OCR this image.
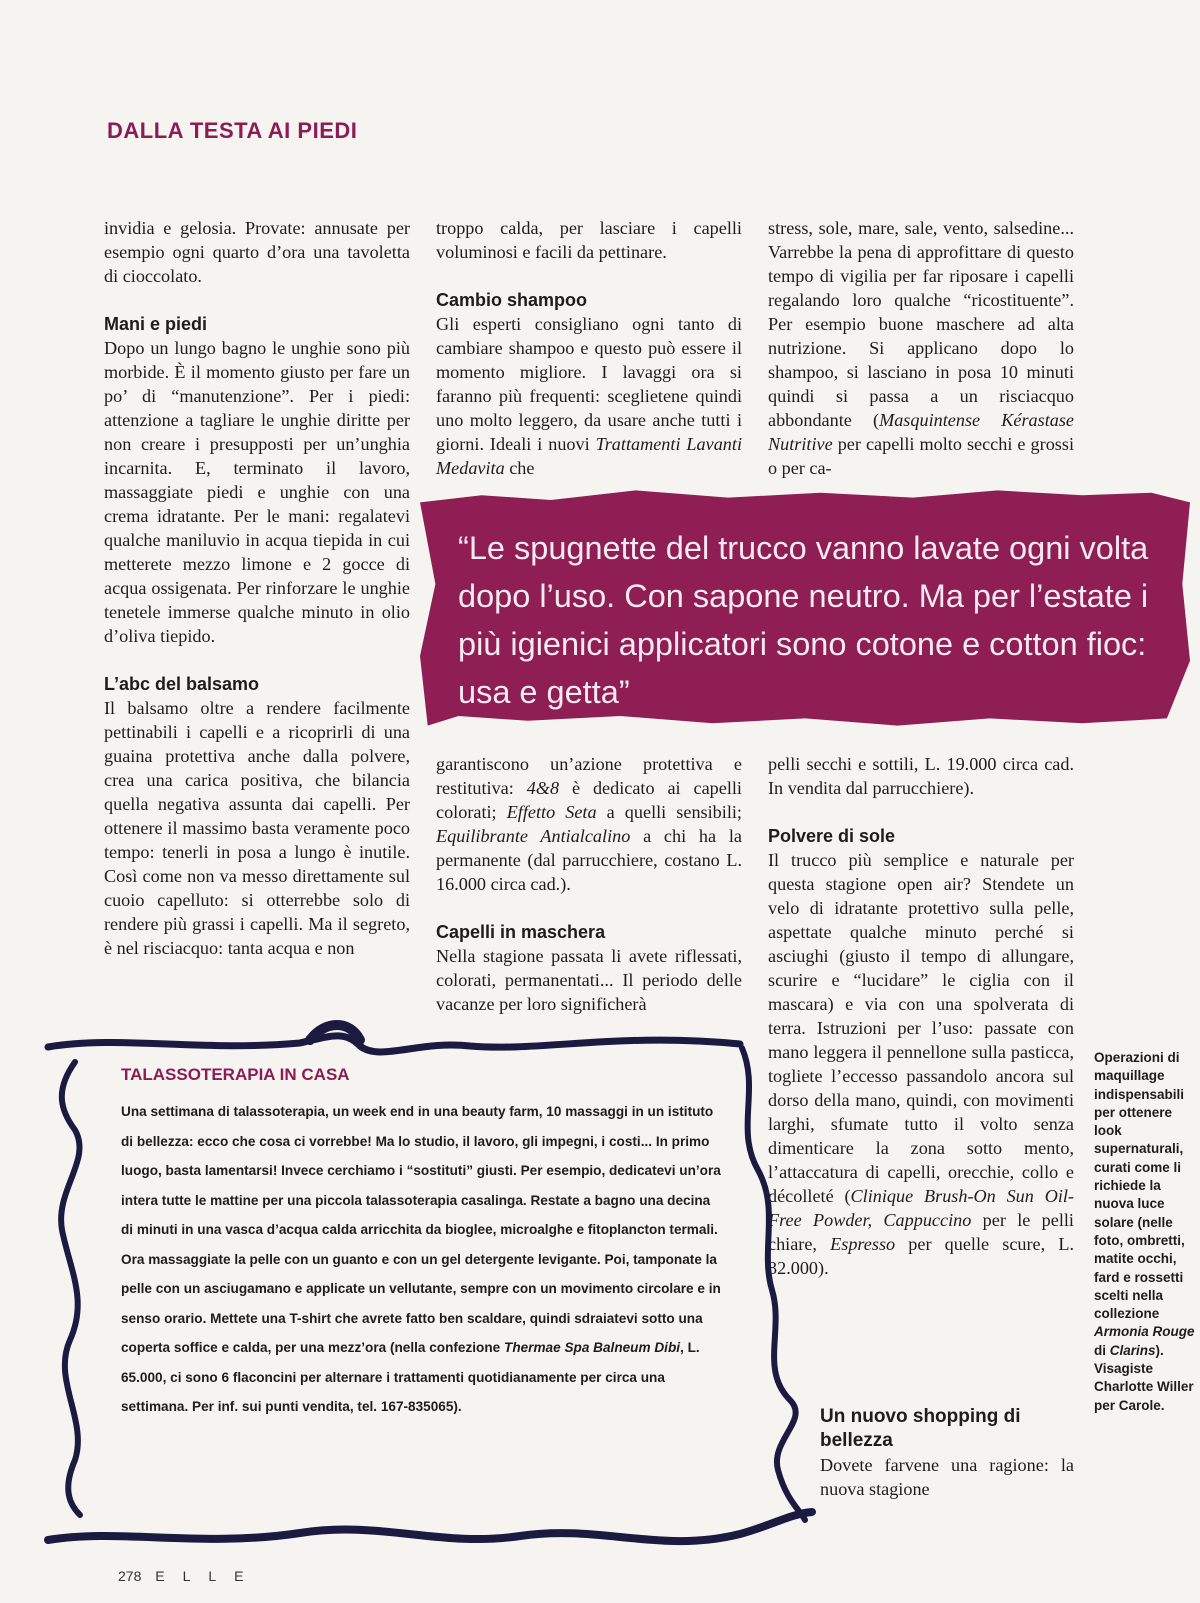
DALLA TESTA AI PIEDI

invidia e gelosia. Provate: annusate per esempio ogni quarto d’ora una tavoletta di cioccolato.

Mani e piedi

Dopo un lungo bagno le unghie sono più morbide. È il momento giusto per fare un po’ di “manutenzione”. Per i piedi: attenzione a tagliare le unghie diritte per non creare i presupposti per un’unghia incarnita. E, terminato il lavoro, massaggiate piedi e unghie con una crema idratante. Per le mani: regalatevi qualche maniluvio in acqua tiepida in cui metterete mezzo limone e 2 gocce di acqua ossigenata. Per rinforzare le unghie tenetele immerse qualche minuto in olio d’oliva tiepido.

L’abc del balsamo

Il balsamo oltre a rendere facilmente pettinabili i capelli e a ricoprirli di una guaina protettiva anche dalla polvere, crea una carica positiva, che bilancia quella negativa assunta dai capelli. Per ottenere il massimo basta veramente poco tempo: tenerli in posa a lungo è inutile. Così come non va messo direttamente sul cuoio capelluto: si otterrebbe solo di rendere più grassi i capelli. Ma il segreto, è nel risciacquo: tanta acqua e non

troppo calda, per lasciare i capelli voluminosi e facili da pettinare.

Cambio shampoo

Gli esperti consigliano ogni tanto di cambiare shampoo e questo può essere il momento migliore. I lavaggi ora si faranno più frequenti: sceglietene quindi uno molto leggero, da usare anche tutti i giorni. Ideali i nuovi Trattamenti Lavanti Medavita che

stress, sole, mare, sale, vento, salsedine... Varrebbe la pena di approfittare di questo tempo di vigilia per far riposare i capelli regalando loro qualche “ricostituente”. Per esempio buone maschere ad alta nutrizione. Si applicano dopo lo shampoo, si lasciano in posa 10 minuti quindi si passa a un risciacquo abbondante (Masquintense Kérastase Nutritive per capelli molto secchi e grossi o per ca-

“Le spugnette del trucco vanno lavate ogni volta dopo l’uso. Con sapone neutro. Ma per l’estate i più igienici applicatori sono cotone e cotton fioc: usa e getta”

garantiscono un’azione protettiva e restitutiva: 4&8 è dedicato ai capelli colorati; Effetto Seta a quelli sensibili; Equilibrante Antialcalino a chi ha la permanente (dal parrucchiere, costano L. 16.000 circa cad.).

Capelli in maschera

Nella stagione passata li avete riflessati, colorati, permanentati... Il periodo delle vacanze per loro significherà

pelli secchi e sottili, L. 19.000 circa cad. In vendita dal parrucchiere).

Polvere di sole

Il trucco più semplice e naturale per questa stagione open air? Stendete un velo di idratante protettivo sulla pelle, aspettate qualche minuto perché si asciughi (giusto il tempo di allungare, scurire e “lucidare” le ciglia con il mascara) e via con una spolverata di terra. Istruzioni per l’uso: passate con mano leggera il pennellone sulla pasticca, togliete l’eccesso passandolo ancora sul dorso della mano, quindi, con movimenti larghi, sfumate tutto il volto senza dimenticare la zona sotto mento, l’attaccatura di capelli, orecchie, collo e décolleté (Clinique Brush-On Sun Oil-Free Powder, Cappuccino per le pelli chiare, Espresso per quelle scure, L. 32.000).

Un nuovo shopping di bellezza

Dovete farvene una ragione: la nuova stagione

TALASSOTERAPIA IN CASA
Una settimana di talassoterapia, un week end in una beauty farm, 10 massaggi in un istituto di bellezza: ecco che cosa ci vorrebbe! Ma lo studio, il lavoro, gli impegni, i costi... In primo luogo, basta lamentarsi! Invece cerchiamo i “sostituti” giusti. Per esempio, dedicatevi un’ora intera tutte le mattine per una piccola talassoterapia casalinga. Restate a bagno una decina di minuti in una vasca d’acqua calda arricchita da bioglee, microalghe e fitoplancton termali. Ora massaggiate la pelle con un guanto e con un gel detergente levigante. Poi, tamponate la pelle con un asciugamano e applicate un vellutante, sempre con un movimento circolare e in senso orario. Mettete una T-shirt che avrete fatto ben scaldare, quindi sdraiatevi sotto una coperta soffice e calda, per una mezz’ora (nella confezione Thermae Spa Balneum Dibi, L. 65.000, ci sono 6 flaconcini per alternare i trattamenti quotidianamente per circa una settimana. Per inf. sui punti vendita, tel. 167-835065).
Operazioni di maquillage indispensabili per ottenere look supernaturali, curati come li richiede la nuova luce solare (nelle foto, ombretti, matite occhi, fard e rossetti scelti nella collezione Armonia Rouge di Clarins). Visagiste Charlotte Willer per Carole.
278 ELLE
